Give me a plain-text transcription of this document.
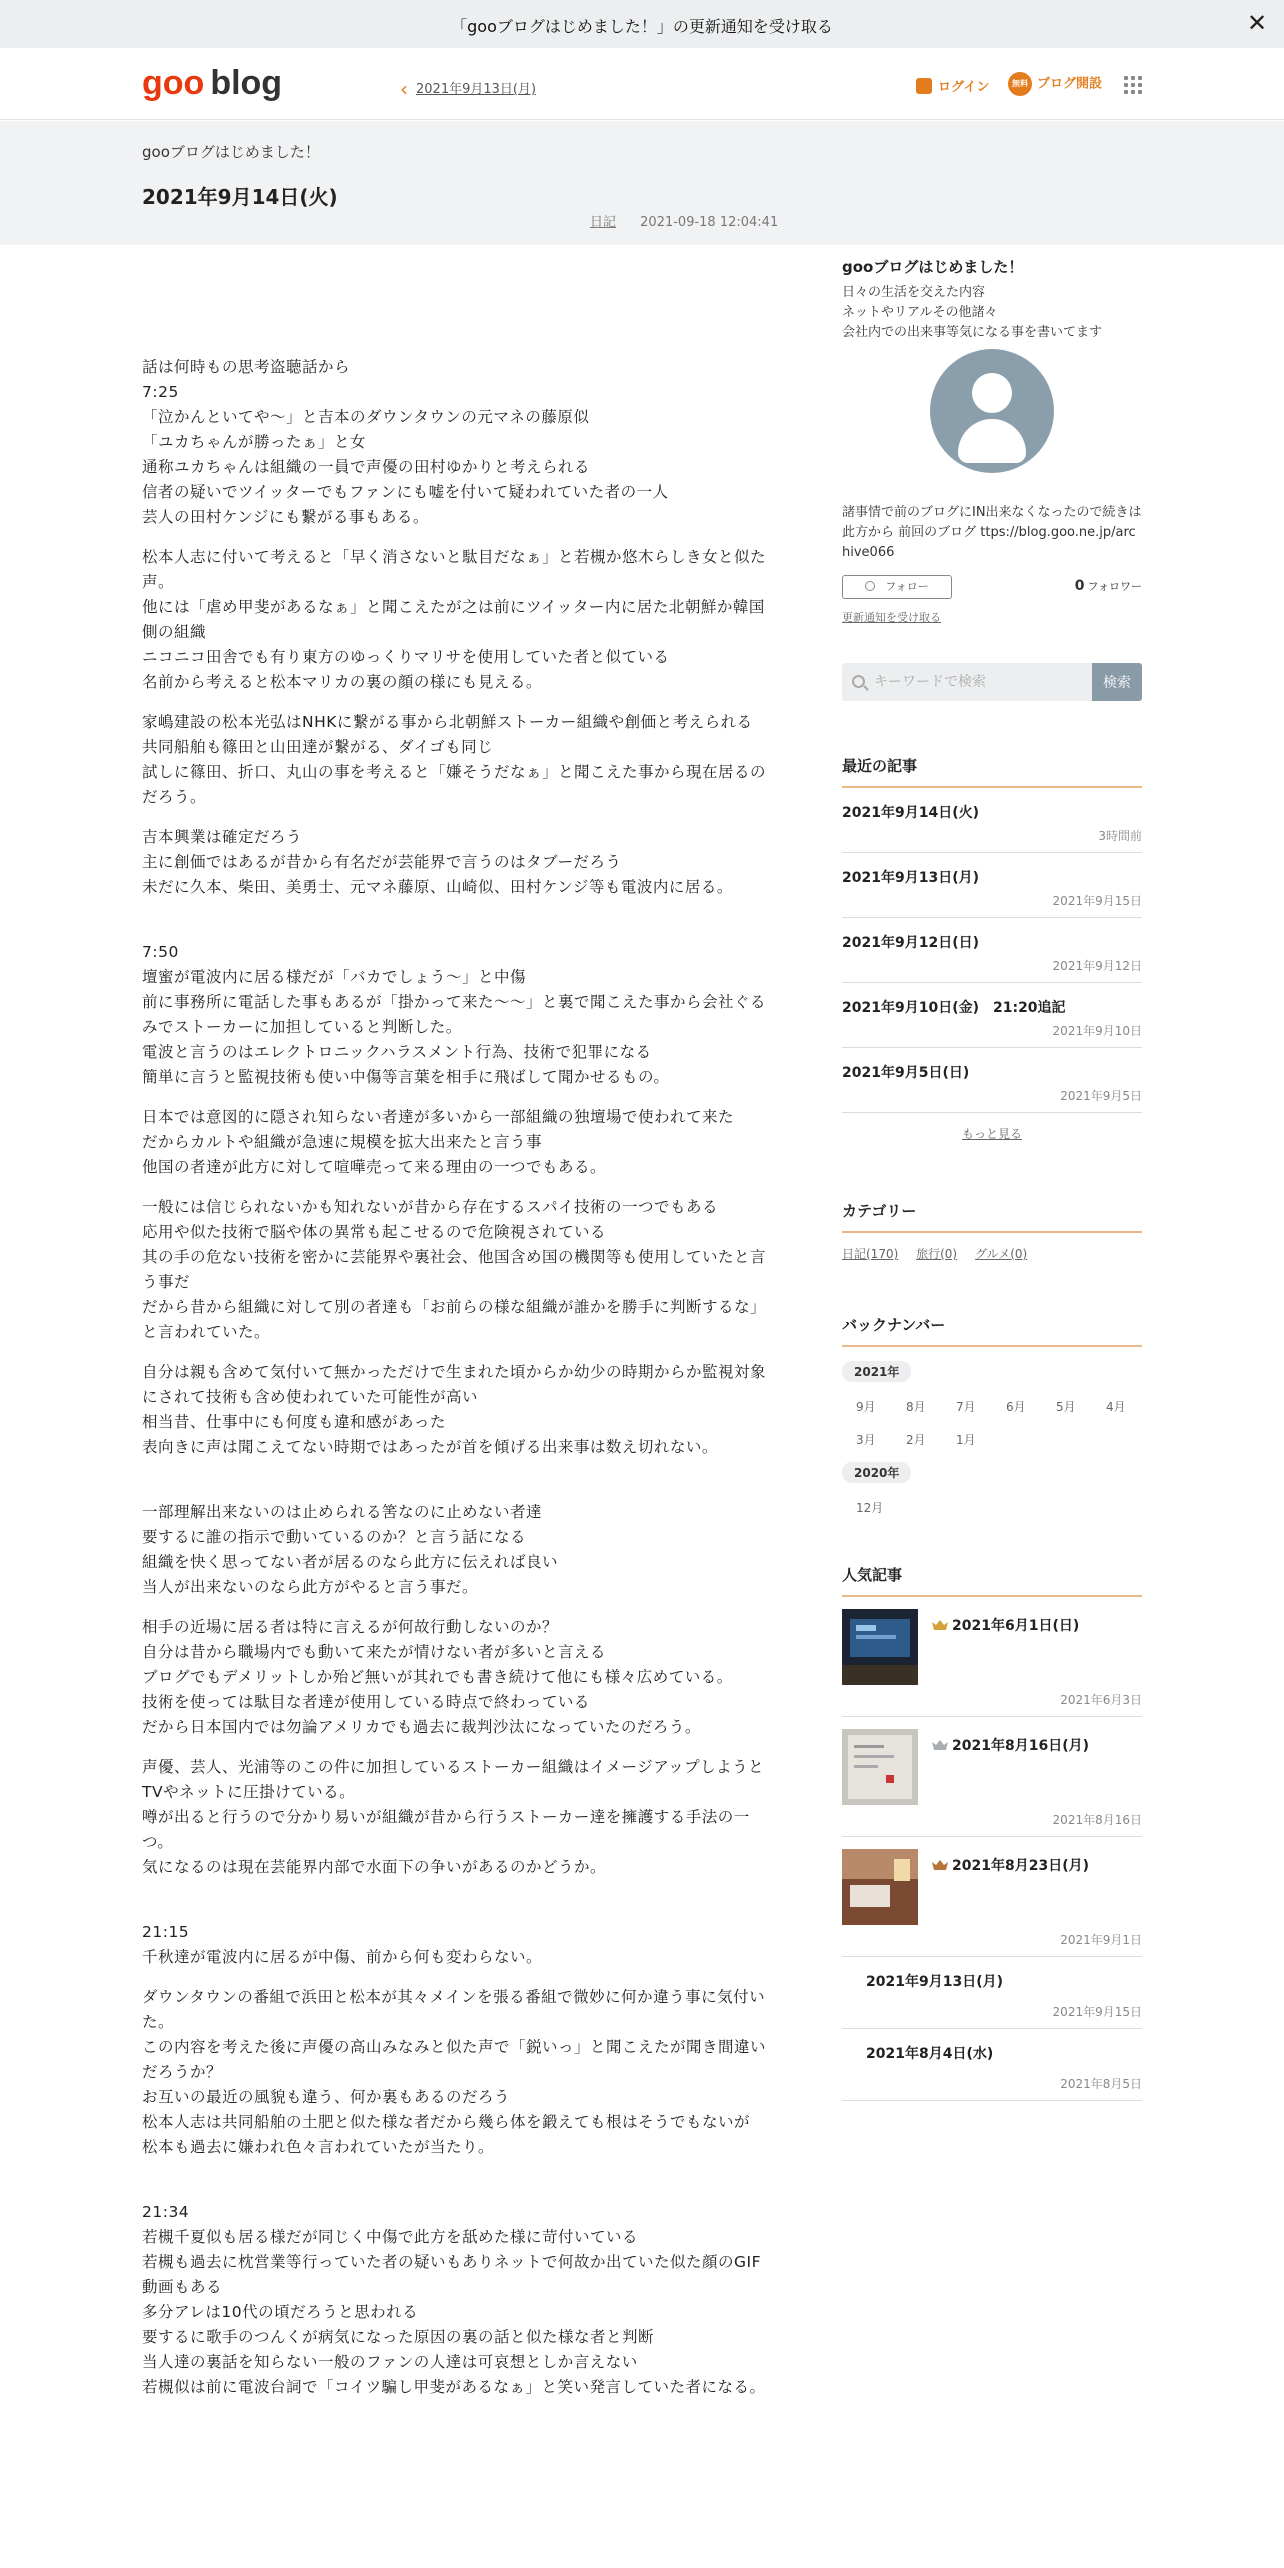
「gooブログはじめました！」の更新通知を受け取る	✕
goo blog	‹ 2021年9月13日(月)	ログイン	無料 ブログ開設
gooブログはじめました！
2021年9月14日(火)
日記 2021-09-18 12:04:41

話は何時もの思考盗聴話から
7:25
「泣かんといてや～」と吉本のダウンタウンの元マネの藤原似
「ユカちゃんが勝ったぁ」と女
通称ユカちゃんは組織の一員で声優の田村ゆかりと考えられる
信者の疑いでツイッターでもファンにも嘘を付いて疑われていた者の一人
芸人の田村ケンジにも繋がる事もある。

松本人志に付いて考えると「早く消さないと駄目だなぁ」と若槻か悠木らしき女と似た声。
他には「虐め甲斐があるなぁ」と聞こえたが之は前にツイッター内に居た北朝鮮か韓国側の組織
ニコニコ田舎でも有り東方のゆっくりマリサを使用していた者と似ている
名前から考えると松本マリカの裏の顔の様にも見える。

家嶋建設の松本光弘はNHKに繋がる事から北朝鮮ストーカー組織や創価と考えられる
共同船舶も篠田と山田達が繋がる、ダイゴも同じ
試しに篠田、折口、丸山の事を考えると「嫌そうだなぁ」と聞こえた事から現在居るのだろう。

吉本興業は確定だろう
主に創価ではあるが昔から有名だが芸能界で言うのはタブーだろう
未だに久本、柴田、美勇士、元マネ藤原、山崎似、田村ケンジ等も電波内に居る。

7:50
壇蜜が電波内に居る様だが「バカでしょう～」と中傷
前に事務所に電話した事もあるが「掛かって来た～～」と裏で聞こえた事から会社ぐるみでストーカーに加担していると判断した。
電波と言うのはエレクトロニックハラスメント行為、技術で犯罪になる
簡単に言うと監視技術も使い中傷等言葉を相手に飛ばして聞かせるもの。

日本では意図的に隠され知らない者達が多いから一部組織の独壇場で使われて来た
だからカルトや組織が急速に規模を拡大出来たと言う事
他国の者達が此方に対して喧嘩売って来る理由の一つでもある。

一般には信じられないかも知れないが昔から存在するスパイ技術の一つでもある
応用や似た技術で脳や体の異常も起こせるので危険視されている
其の手の危ない技術を密かに芸能界や裏社会、他国含め国の機関等も使用していたと言う事だ
だから昔から組織に対して別の者達も「お前らの様な組織が誰かを勝手に判断するな」と言われていた。

自分は親も含めて気付いて無かっただけで生まれた頃からか幼少の時期からか監視対象にされて技術も含め使われていた可能性が高い
相当昔、仕事中にも何度も違和感があった
表向きに声は聞こえてない時期ではあったが首を傾げる出来事は数え切れない。

一部理解出来ないのは止められる筈なのに止めない者達
要するに誰の指示で動いているのか？と言う話になる
組織を快く思ってない者が居るのなら此方に伝えれば良い
当人が出来ないのなら此方がやると言う事だ。

相手の近場に居る者は特に言えるが何故行動しないのか？
自分は昔から職場内でも動いて来たが情けない者が多いと言える
ブログでもデメリットしか殆ど無いが其れでも書き続けて他にも様々広めている。
技術を使っては駄目な者達が使用している時点で終わっている
だから日本国内では勿論アメリカでも過去に裁判沙汰になっていたのだろう。

声優、芸人、光浦等のこの件に加担しているストーカー組織はイメージアップしようとTVやネットに圧掛けている。
噂が出ると行うので分かり易いが組織が昔から行うストーカー達を擁護する手法の一つ。
気になるのは現在芸能界内部で水面下の争いがあるのかどうか。

21:15
千秋達が電波内に居るが中傷、前から何も変わらない。

ダウンタウンの番組で浜田と松本が其々メインを張る番組で微妙に何か違う事に気付いた。
この内容を考えた後に声優の高山みなみと似た声で「鋭いっ」と聞こえたが聞き間違いだろうか？
お互いの最近の風貌も違う、何か裏もあるのだろう
松本人志は共同船舶の土肥と似た様な者だから幾ら体を鍛えても根はそうでもないが
松本も過去に嫌われ色々言われていたが当たり。

21:34
若槻千夏似も居る様だが同じく中傷で此方を舐めた様に苛付いている
若槻も過去に枕営業等行っていた者の疑いもありネットで何故か出ていた似た顔のGIF動画もある
多分アレは10代の頃だろうと思われる
要するに歌手のつんくが病気になった原因の裏の話と似た様な者と判断
当人達の裏話を知らない一般のファンの人達は可哀想としか言えない
若槻似は前に電波台詞で「コイツ騙し甲斐があるなぁ」と笑い発言していた者になる。

gooブログはじめました！
日々の生活を交えた内容
ネットやリアルその他諸々
会社内での出来事等気になる事を書いてます
諸事情で前のブログにIN出来なくなったので続きは此方から 前回のブログ ttps://blog.goo.ne.jp/archive066
フォロー	0 フォロワー
更新通知を受け取る
キーワードで検索
検索
最近の記事
2021年9月14日(火)
3時間前
2021年9月13日(月)
2021年9月15日
2021年9月12日(日)
2021年9月12日
2021年9月10日(金)　21:20追記
2021年9月10日
2021年9月5日(日)
2021年9月5日
もっと見る
カテゴリー
日記(170) 旅行(0) グルメ(0)
バックナンバー
2021年
9月	8月	7月	6月	5月	4月
3月	2月	1月
2020年
12月
人気記事
2021年6月1日(日)
2021年6月3日
2021年8月16日(月)
2021年8月16日
2021年8月23日(月)
2021年9月1日
2021年9月13日(月)
2021年9月15日
2021年8月4日(水)
2021年8月5日
